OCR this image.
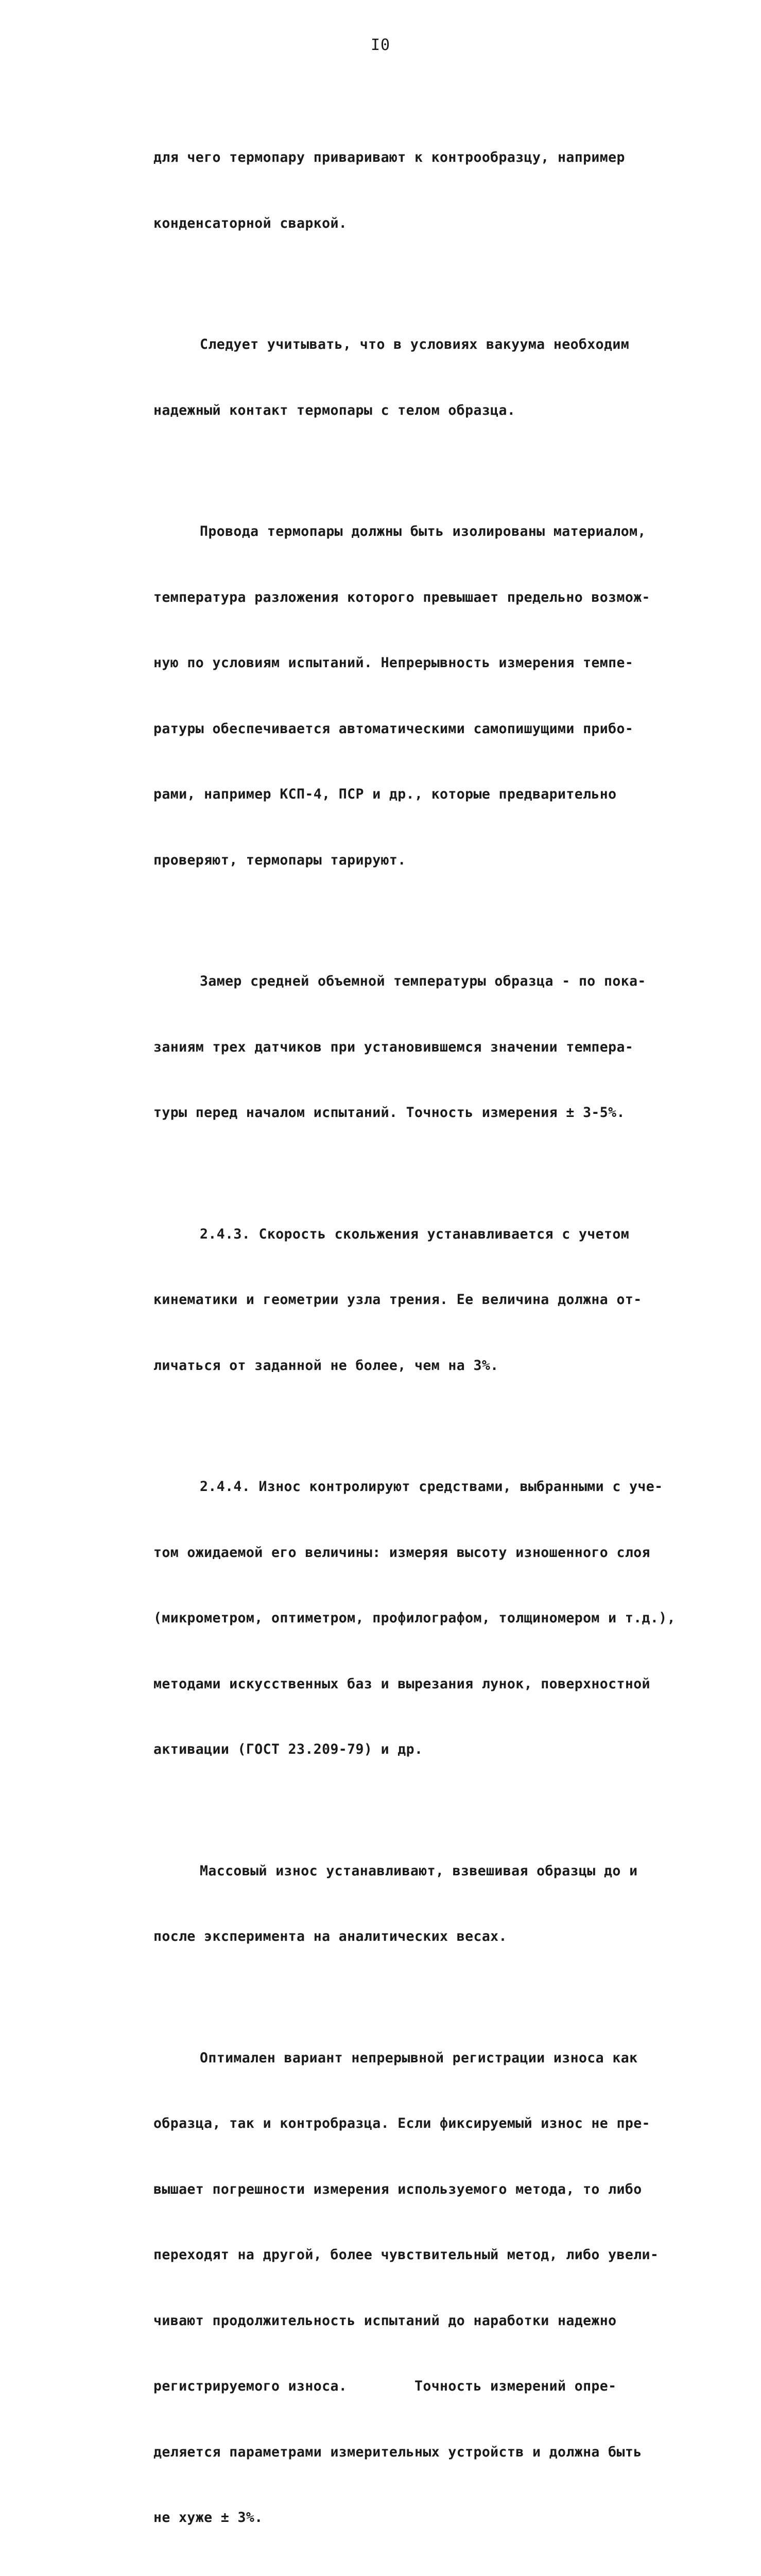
I0

для чего термопару приваривают к контрообразцу, например

конденсаторной сваркой.

Следует учитывать, что в условиях вакуума необходим

надежный контакт термопары с телом образца.

Провода термопары должны быть изолированы материалом,

температура разложения которого превышает предельно возмож-

ную по условиям испытаний. Непрерывность измерения темпе-

ратуры обеспечивается автоматическими самопишущими прибо-

рами, например КСП-4, ПСР и др., которые предварительно

проверяют, термопары тарируют.

Замер средней объемной температуры образца - по пока-

заниям трех датчиков при установившемся значении темпера-

туры перед началом испытаний. Точность измерения ± 3-5%.

2.4.3. Скорость скольжения устанавливается с учетом

кинематики и геометрии узла трения. Ее величина должна от-

личаться от заданной не более, чем на 3%.

2.4.4. Износ контролируют средствами, выбранными с уче-

том ожидаемой его величины: измеряя высоту изношенного слоя

(микрометром, оптиметром, профилографом, толщиномером и т.д.),

методами искусственных баз и вырезания лунок, поверхностной

активации (ГОСТ 23.209-79) и др.

Массовый износ устанавливают, взвешивая образцы до и

после эксперимента на аналитических весах.

Оптимален вариант непрерывной регистрации износа как

образца, так и контробразца. Если фиксируемый износ не пре-

вышает погрешности измерения используемого метода, то либо

переходят на другой, более чувствительный метод, либо увели-

чивают продолжительность испытаний до наработки надежно

регистрируемого износа.        Точность измерений опре-

деляется параметрами измерительных устройств и должна быть

не хуже ± 3%.
